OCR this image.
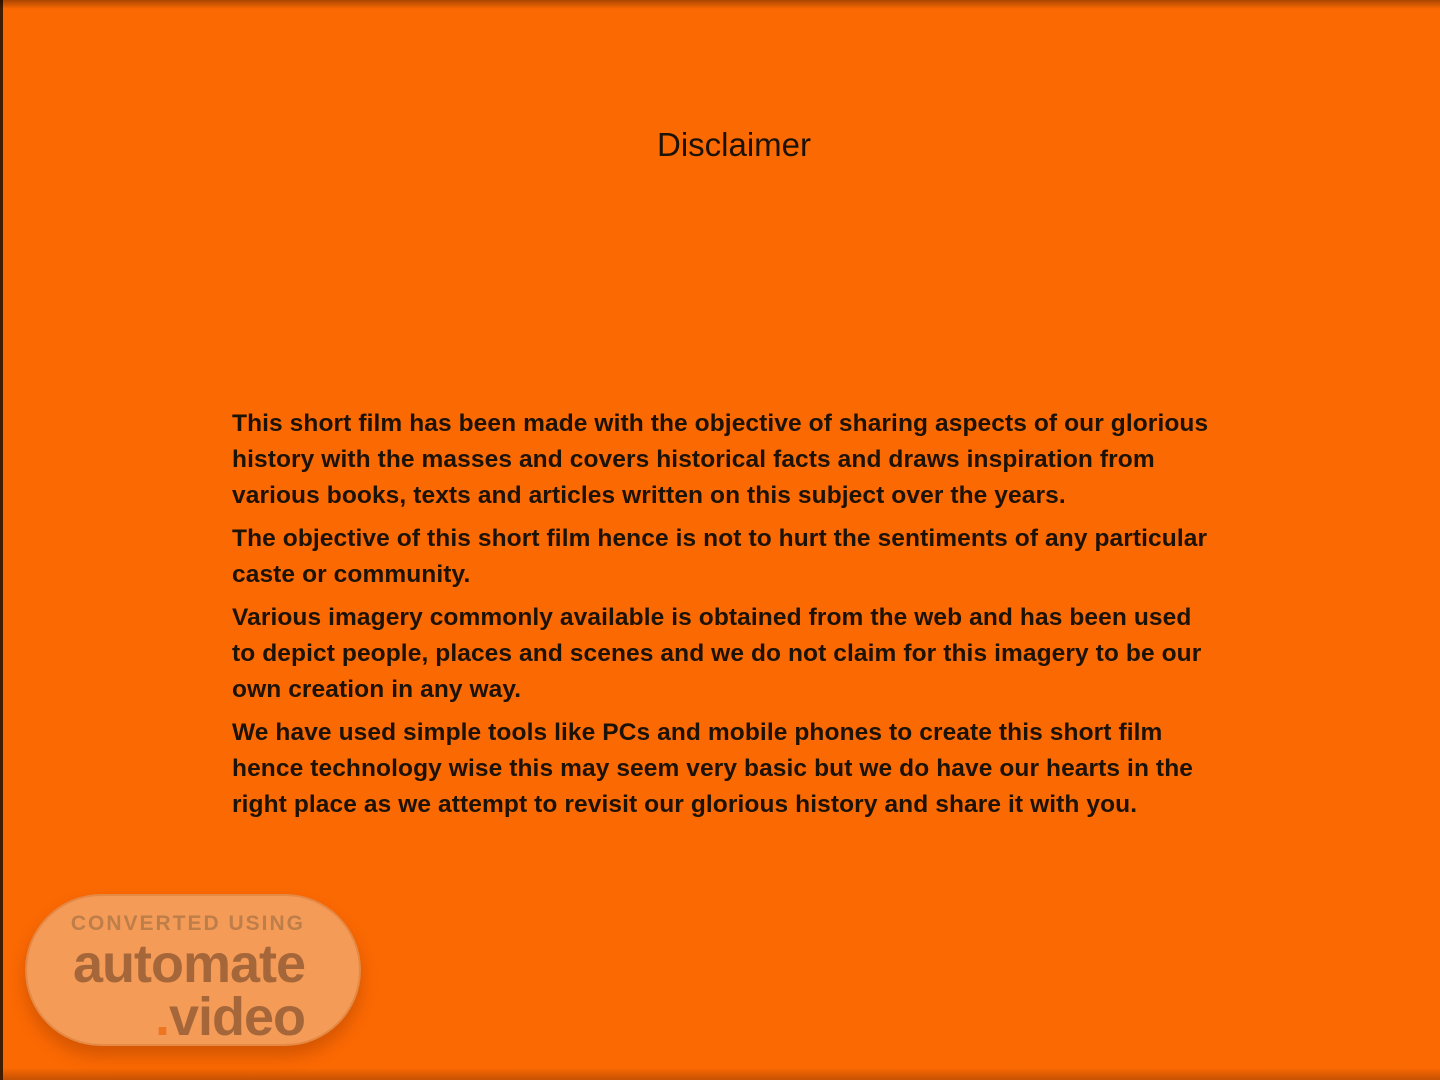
Disclaimer

This short film has been made with the objective of sharing aspects of our glorious history with the masses and covers historical facts and draws inspiration from various books, texts and articles written on this subject over the years.

The objective of this short film hence is not to hurt the sentiments of any particular caste or community.

Various imagery commonly available is obtained from the web and has been used to depict people, places and scenes and we do not claim for this imagery to be our own creation in any way.

We have used simple tools like PCs and mobile phones to create this short film hence technology wise this may seem very basic but we do have our hearts in the right place as we attempt to revisit our glorious history and share it with you.

CONVERTED USING
automate
.video
